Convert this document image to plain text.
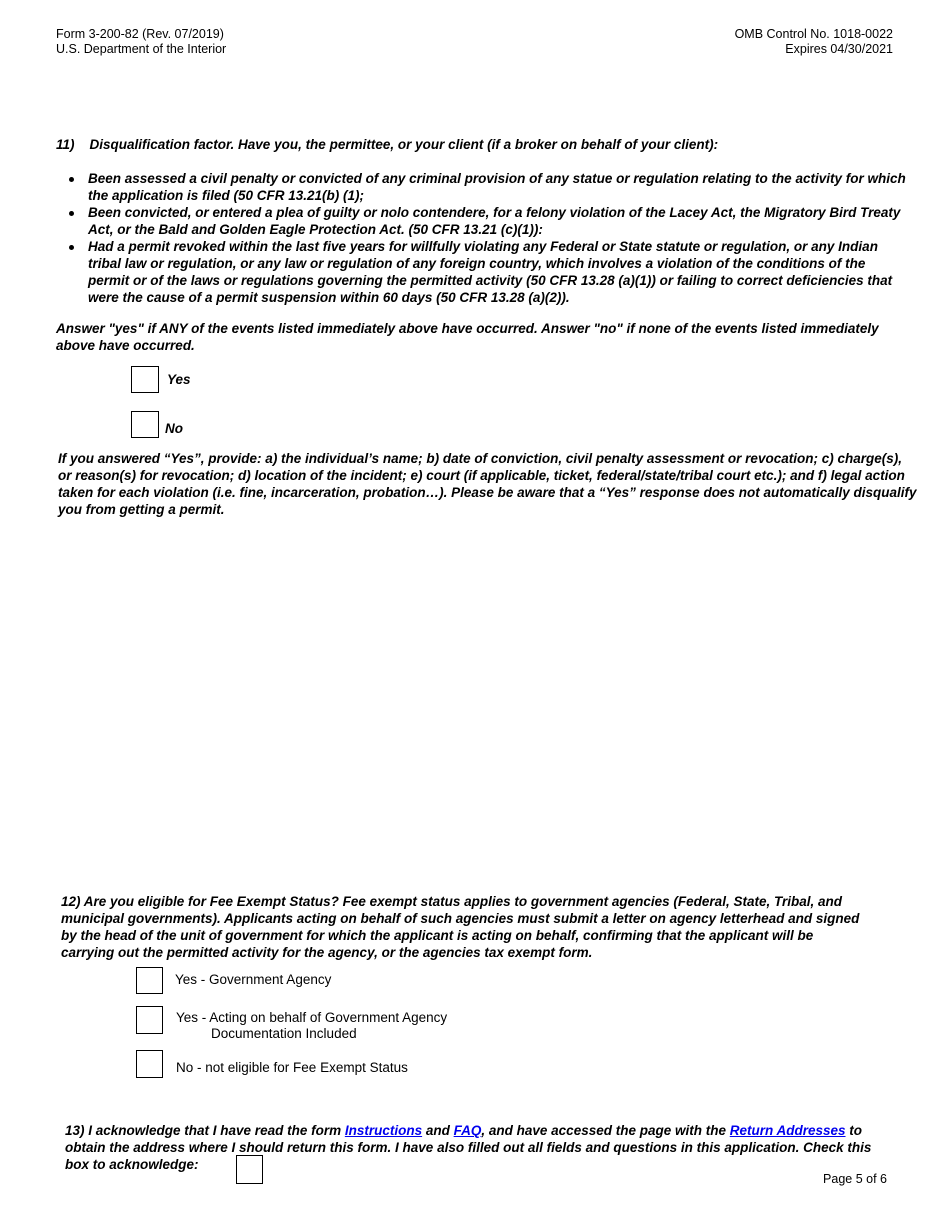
Form 3-200-82 (Rev. 07/2019)
U.S. Department of the Interior
OMB Control No. 1018-0022
Expires 04/30/2021
11)    Disqualification factor. Have you, the permittee, or your client (if a broker on behalf of your client):
Been assessed a civil penalty or convicted of any criminal provision of any statue or regulation relating to the activity for which the application is filed (50 CFR 13.21(b) (1);
Been convicted, or entered a plea of guilty or nolo contendere, for a felony violation of the Lacey Act, the Migratory Bird Treaty Act, or the Bald and Golden Eagle Protection Act. (50 CFR 13.21 (c)(1)):
Had a permit revoked within the last five years for willfully violating any Federal or State statute or regulation, or any Indian tribal law or regulation, or any law or regulation of any foreign country, which involves a violation of the conditions of the permit or of the laws or regulations governing the permitted activity (50 CFR 13.28 (a)(1)) or failing to correct deficiencies that were the cause of a permit suspension within 60 days (50 CFR 13.28 (a)(2)).
Answer "yes" if ANY of the events listed immediately above have occurred. Answer "no" if none of the events listed immediately above have occurred.
Yes
No
If you answered “Yes”, provide: a) the individual’s name; b) date of conviction, civil penalty assessment or revocation; c) charge(s), or reason(s) for revocation; d) location of the incident; e) court (if applicable, ticket, federal/state/tribal court etc.); and f) legal action taken for each violation (i.e. fine, incarceration, probation…). Please be aware that a “Yes” response does not automatically disqualify you from getting a permit.
12) Are you eligible for Fee Exempt Status? Fee exempt status applies to government agencies (Federal, State, Tribal, and municipal governments). Applicants acting on behalf of such agencies must submit a letter on agency letterhead and signed by the head of the unit of government for which the applicant is acting on behalf, confirming that the applicant will be carrying out the permitted activity for the agency, or the agencies tax exempt form.
Yes - Government Agency
Yes - Acting on behalf of Government Agency
Documentation Included
No - not eligible for Fee Exempt Status
13) I acknowledge that I have read the form Instructions and FAQ, and have accessed the page with the Return Addresses to obtain the address where I should return this form. I have also filled out all fields and questions in this application. Check this box to acknowledge:
Page 5 of 6
